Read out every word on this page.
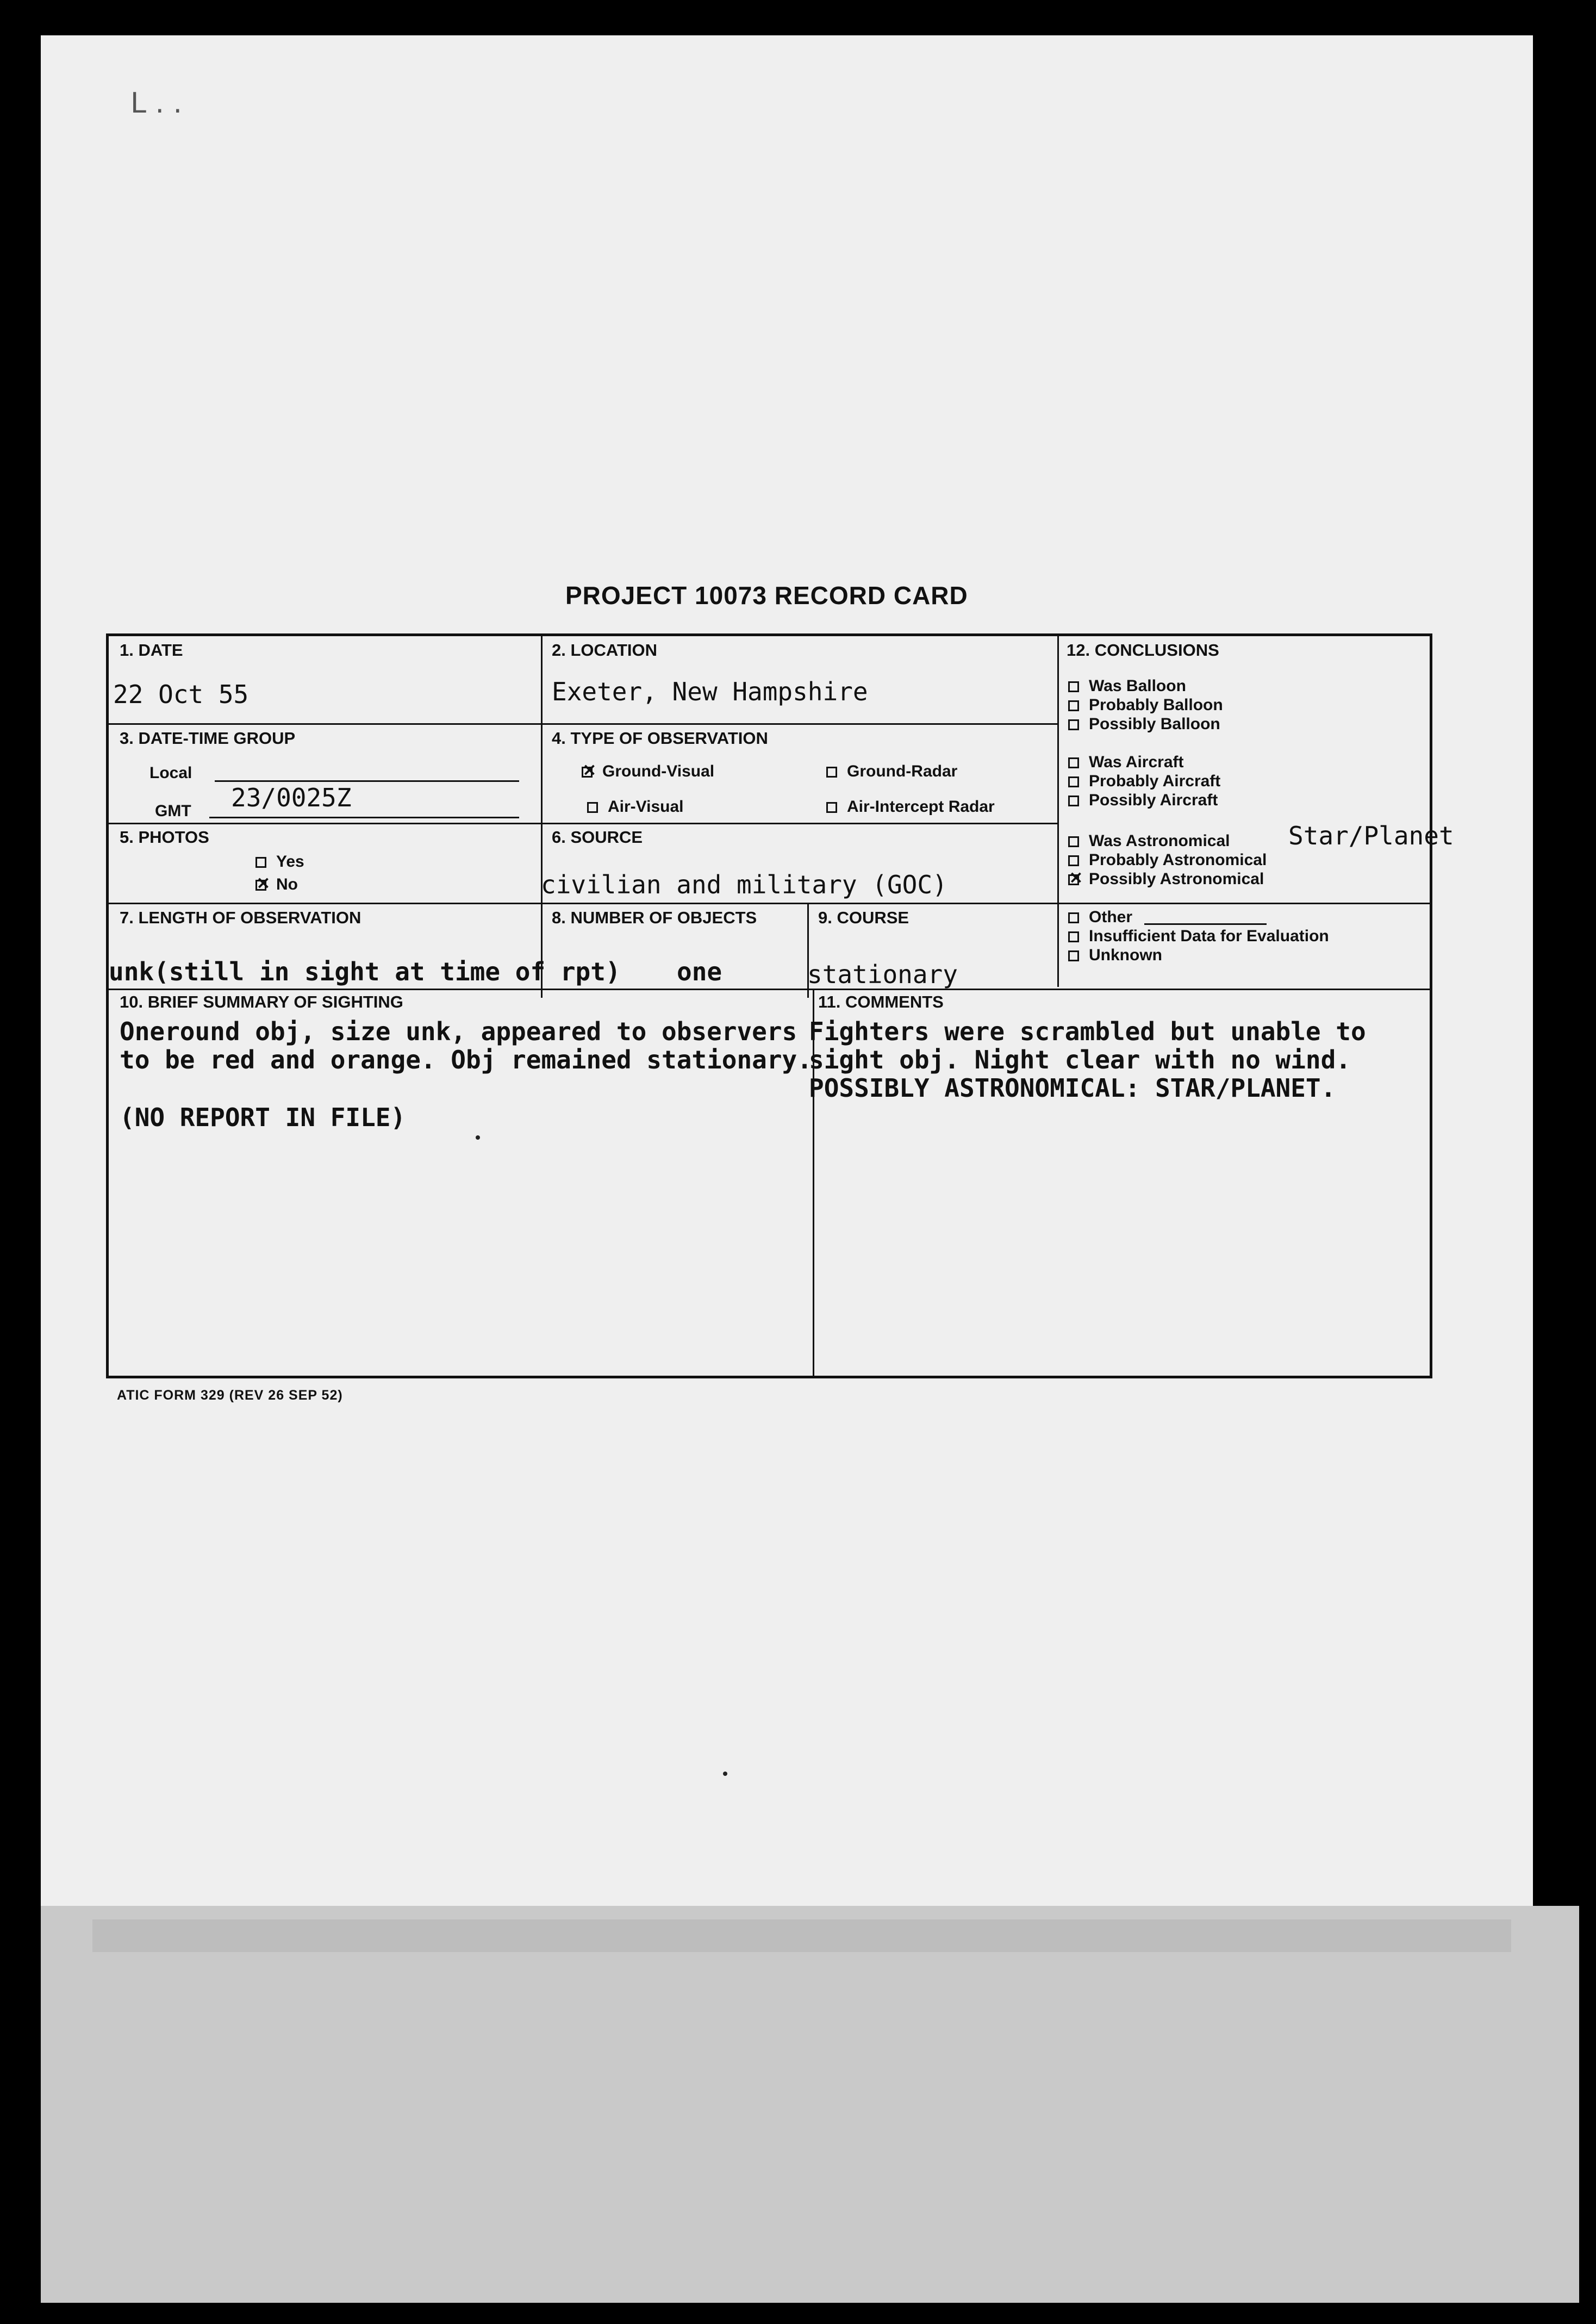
L . .
PROJECT 10073 RECORD CARD
1. DATE
22 Oct 55
2. LOCATION
Exeter, New Hampshire
3. DATE-TIME GROUP
Local
GMT 23/0025Z
4. TYPE OF OBSERVATION
×Ground-Visual	Ground-Radar
Air-Visual	Air-Intercept Radar
5. PHOTOS
Yes
×No
6. SOURCE
civilian and military (GOC)
7. LENGTH OF OBSERVATION
unk(still in sight at time of rpt)
8. NUMBER OF OBJECTS
one
9. COURSE
stationary
10. BRIEF SUMMARY OF SIGHTING
Oneround obj, size unk, appeared to observers
to be red and orange. Obj remained stationary.
(NO REPORT IN FILE)
11. COMMENTS
Fighters were scrambled but unable to
sight obj. Night clear with no wind.
POSSIBLY ASTRONOMICAL: STAR/PLANET.
12. CONCLUSIONS
Was Balloon
Probably Balloon
Possibly Balloon
Was Aircraft
Probably Aircraft
Possibly Aircraft
Was Astronomical
Probably Astronomical
×Possibly Astronomical
Other
Insufficient Data for Evaluation
Unknown
Star/Planet
ATIC FORM 329 (REV 26 SEP 52)
